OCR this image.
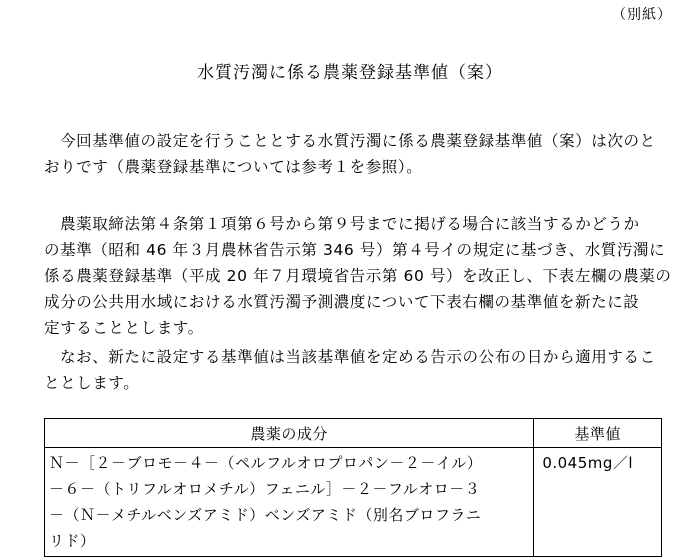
（別紙）
水質汚濁に係る農薬登録基準値（案）
今回基準値の設定を行うこととする水質汚濁に係る農薬登録基準値（案）は次のと
おりです（農薬登録基準については参考１を参照）。
農薬取締法第４条第１項第６号から第９号までに掲げる場合に該当するかどうか
の基準（昭和 46 年３月農林省告示第 346 号）第４号イの規定に基づき、水質汚濁に
係る農薬登録基準（平成 20 年７月環境省告示第 60 号）を改正し、下表左欄の農薬の
成分の公共用水域における水質汚濁予測濃度について下表右欄の基準値を新たに設
定することとします。
なお、新たに設定する基準値は当該基準値を定める告示の公布の日から適用するこ
ととします。
農薬の成分	基準値

Ｎ－［２－ブロモ－４－（ペルフルオロプロパン－２－イル）
－６－（トリフルオロメチル）フェニル］－２－フルオロ－３
－（Ｎ－メチルベンズアミド）ベンズアミド（別名ブロフラニ
リド）	0.045mg／l
